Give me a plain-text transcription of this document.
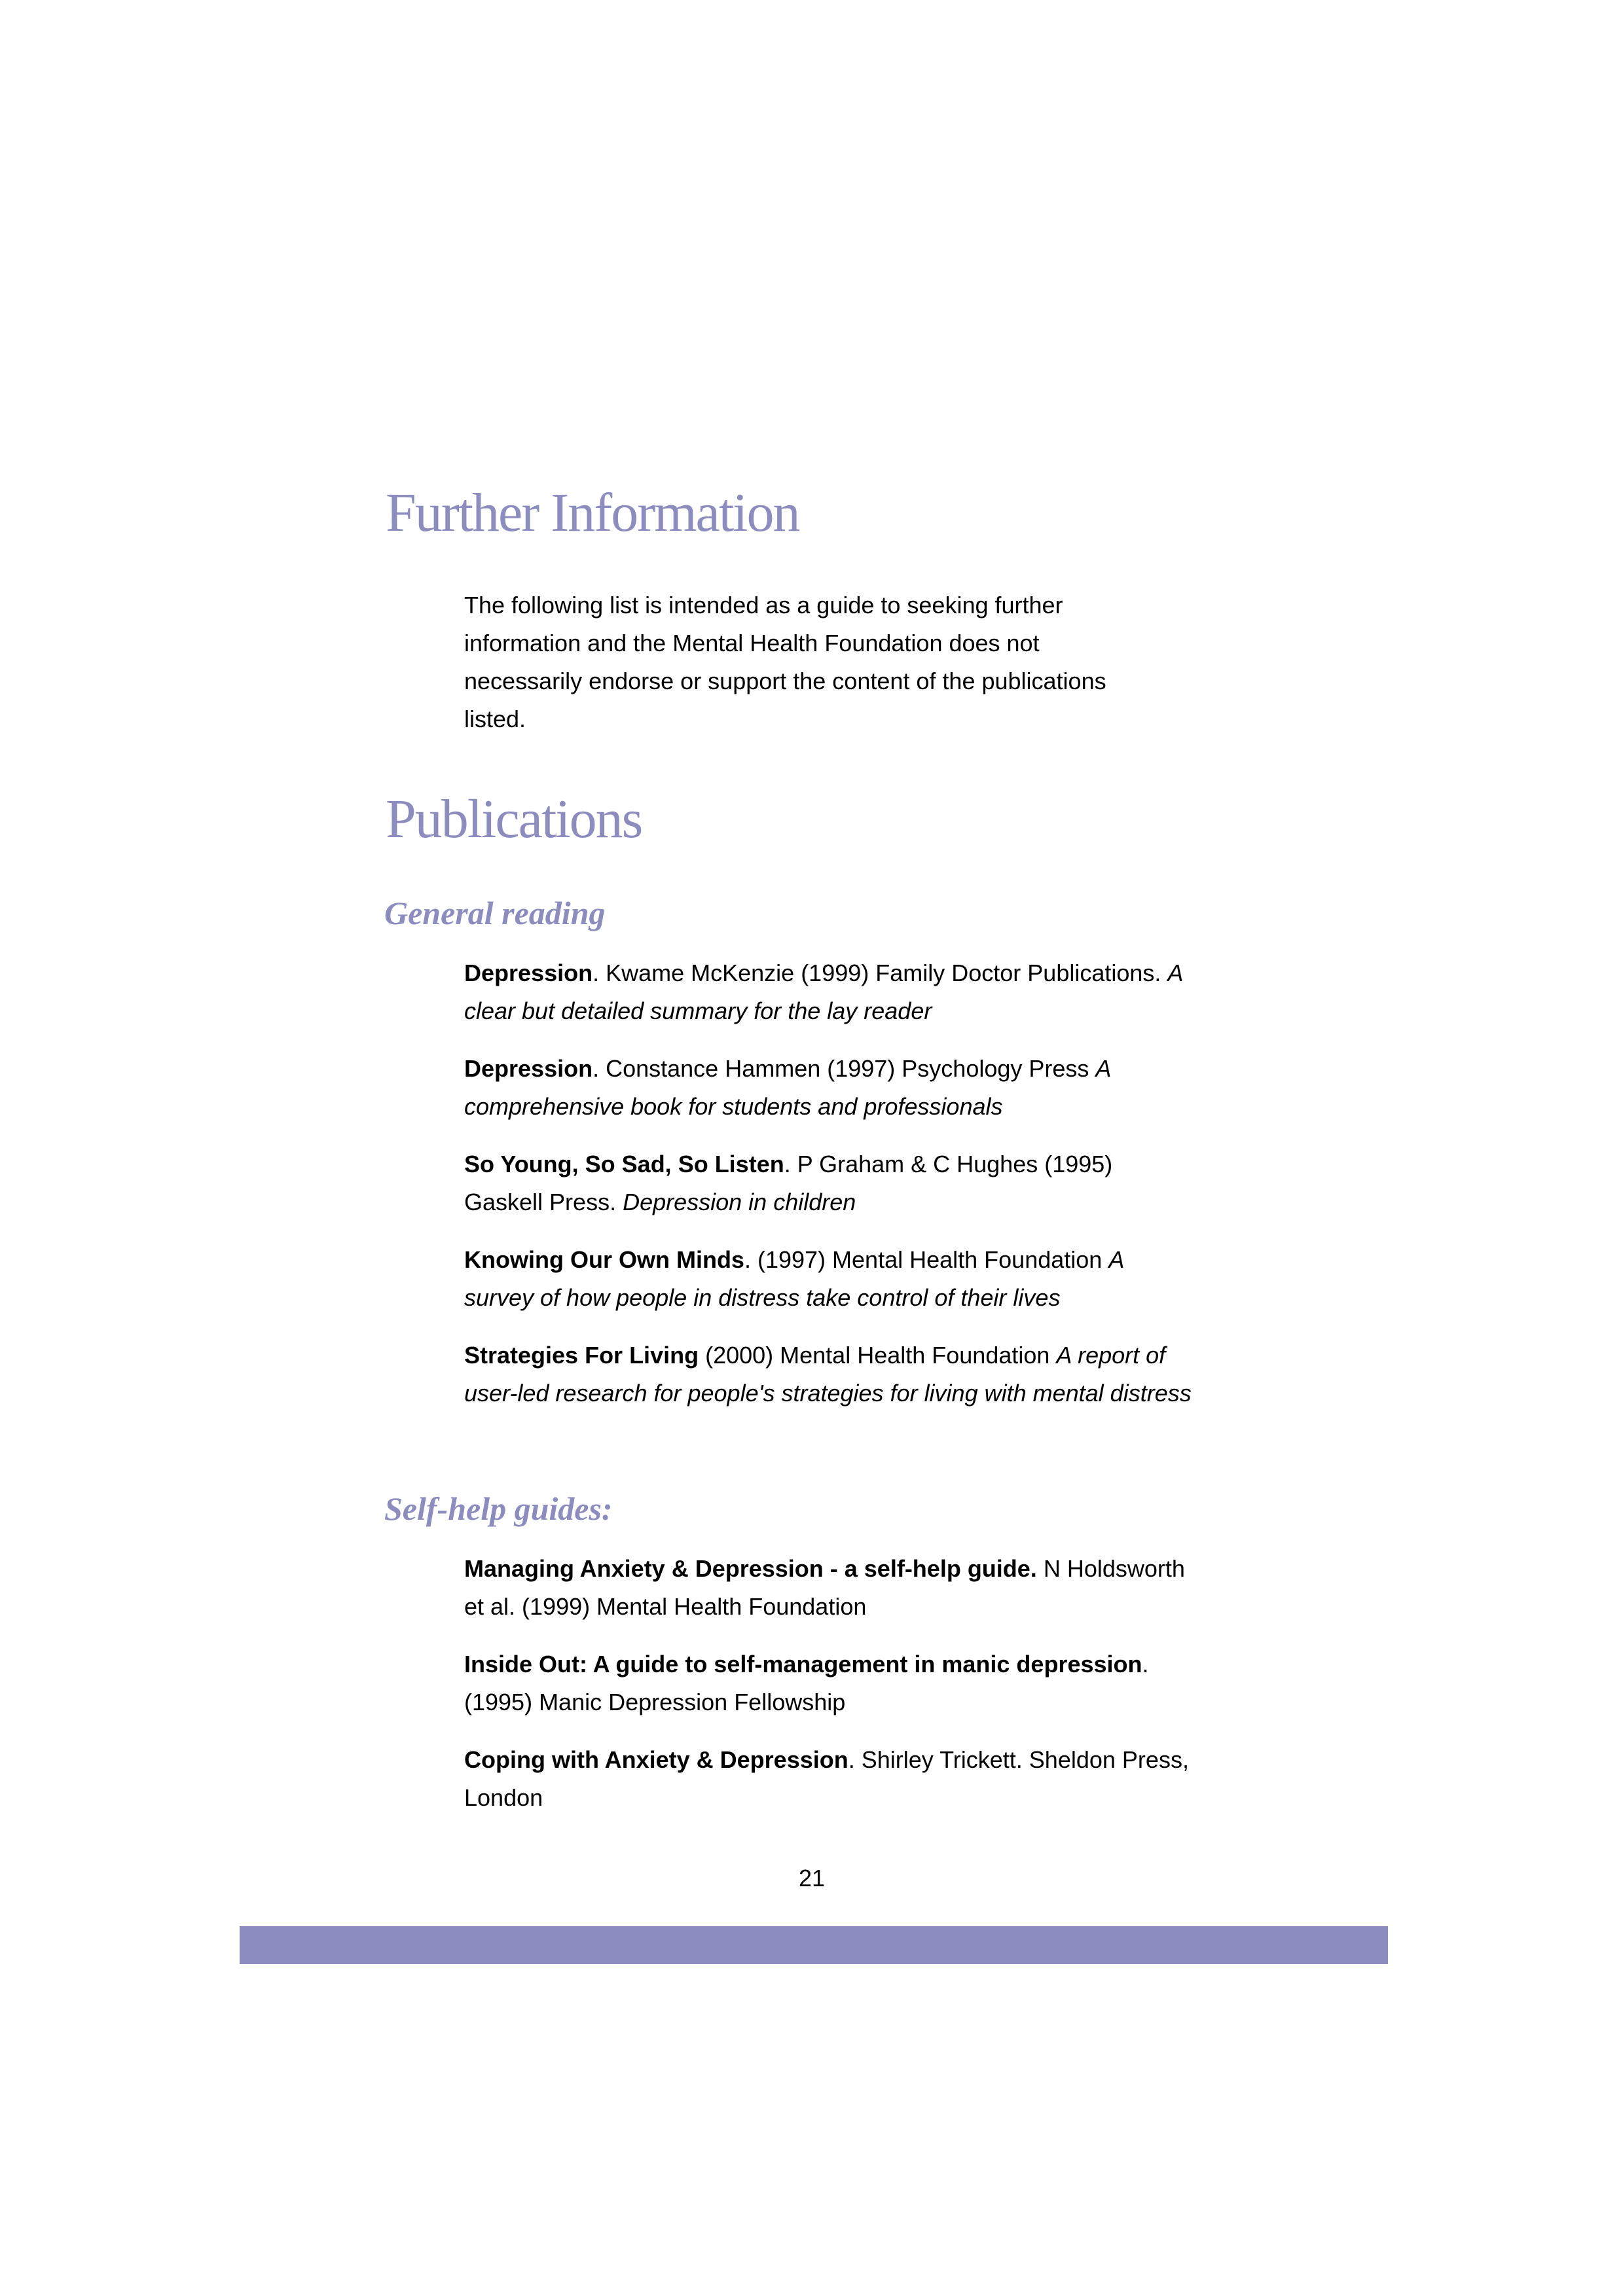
Further Information
The following list is intended as a guide to seeking further
information and the Mental Health Foundation does not
necessarily endorse or support the content of the publications
listed.
Publications
General reading

Depression. Kwame McKenzie (1999) Family Doctor Publications. A clear but detailed summary for the lay reader

Depression. Constance Hammen (1997) Psychology Press A comprehensive book for students and professionals

So Young, So Sad, So Listen. P Graham & C Hughes (1995) Gaskell Press. Depression in children

Knowing Our Own Minds. (1997) Mental Health Foundation A survey of how people in distress take control of their lives

Strategies For Living (2000) Mental Health Foundation A report of user-led research for people's strategies for living with mental distress

Self-help guides:

Managing Anxiety & Depression - a self-help guide. N Holdsworth et al. (1999) Mental Health Foundation

Inside Out: A guide to self-management in manic depression. (1995) Manic Depression Fellowship

Coping with Anxiety & Depression. Shirley Trickett. Sheldon Press, London

21
